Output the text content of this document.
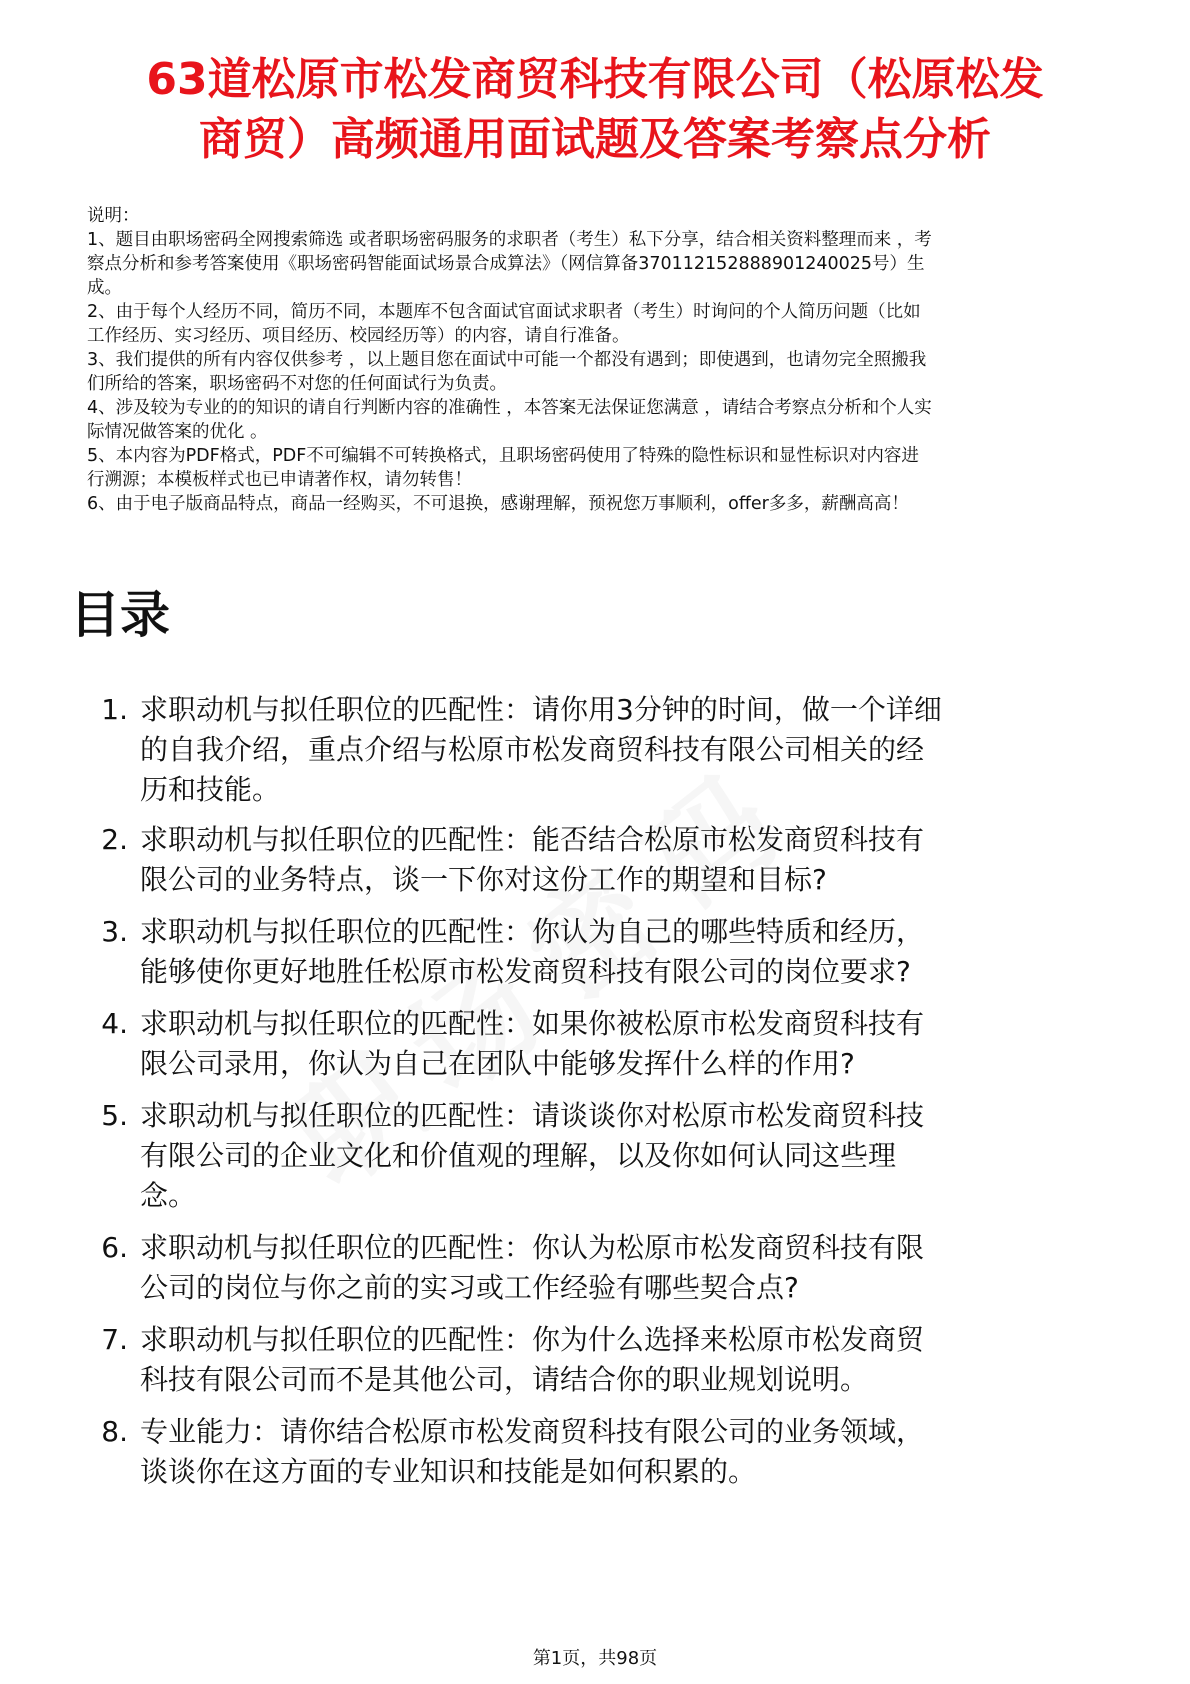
63道松原市松发商贸科技有限公司（松原松发
商贸）高频通用面试题及答案考察点分析
说明：
1、题目由职场密码全网搜索筛选 或者职场密码服务的求职者（考生）私下分享，结合相关资料整理而来 ，考
察点分析和参考答案使用《职场密码智能面试场景合成算法》（网信算备370112152888901240025号）生
成。
2、由于每个人经历不同，简历不同，本题库不包含面试官面试求职者（考生）时询问的个人简历问题（比如
工作经历、实习经历、项目经历、校园经历等）的内容，请自行准备。
3、我们提供的所有内容仅供参考 ，以上题目您在面试中可能一个都没有遇到；即使遇到，也请勿完全照搬我
们所给的答案，职场密码不对您的任何面试行为负责。
4、涉及较为专业的的知识的请自行判断内容的准确性 ，本答案无法保证您满意 ，请结合考察点分析和个人实
际情况做答案的优化 。
5、本内容为PDF格式，PDF不可编辑不可转换格式，且职场密码使用了特殊的隐性标识和显性标识对内容进
行溯源；本模板样式也已申请著作权，请勿转售！
6、由于电子版商品特点，商品一经购买，不可退换，感谢理解，预祝您万事顺利，offer多多，薪酬高高！
目录
1. 求职动机与拟任职位的匹配性：请你用3分钟的时间，做一个详细
的自我介绍，重点介绍与松原市松发商贸科技有限公司相关的经
历和技能。
2. 求职动机与拟任职位的匹配性：能否结合松原市松发商贸科技有
限公司的业务特点，谈一下你对这份工作的期望和目标?
3. 求职动机与拟任职位的匹配性：你认为自己的哪些特质和经历，
能够使你更好地胜任松原市松发商贸科技有限公司的岗位要求?
4. 求职动机与拟任职位的匹配性：如果你被松原市松发商贸科技有
限公司录用，你认为自己在团队中能够发挥什么样的作用?
5. 求职动机与拟任职位的匹配性：请谈谈你对松原市松发商贸科技
有限公司的企业文化和价值观的理解，以及你如何认同这些理
念。
6. 求职动机与拟任职位的匹配性：你认为松原市松发商贸科技有限
公司的岗位与你之前的实习或工作经验有哪些契合点?
7. 求职动机与拟任职位的匹配性：你为什么选择来松原市松发商贸
科技有限公司而不是其他公司，请结合你的职业规划说明。
8. 专业能力：请你结合松原市松发商贸科技有限公司的业务领域，
谈谈你在这方面的专业知识和技能是如何积累的。
第1页，共98页
